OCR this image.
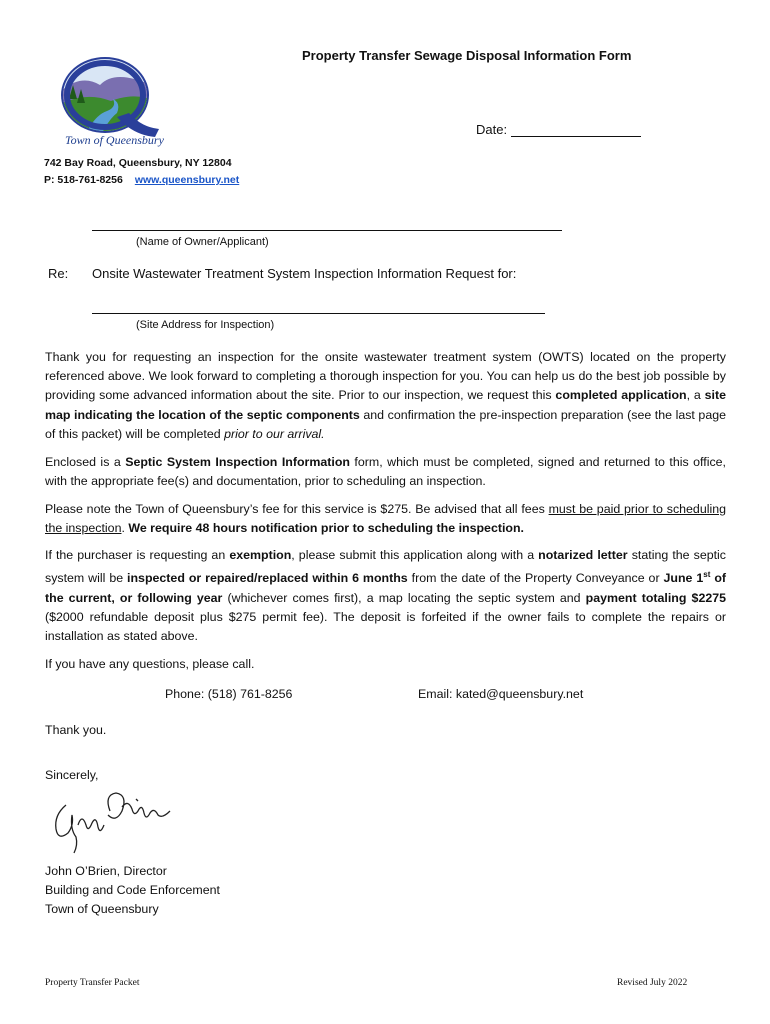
Property Transfer Sewage Disposal Information Form
Date:
Town of Queensbury
742 Bay Road, Queensbury, NY 12804
P: 518-761-8256 www.queensbury.net
(Name of Owner/Applicant)
Re: Onsite Wastewater Treatment System Inspection Information Request for:
(Site Address for Inspection)
Thank you for requesting an inspection for the onsite wastewater treatment system (OWTS) located on the property referenced above. We look forward to completing a thorough inspection for you. You can help us do the best job possible by providing some advanced information about the site. Prior to our inspection, we request this completed application, a site map indicating the location of the septic components and confirmation the pre-inspection preparation (see the last page of this packet) will be completed prior to our arrival.
Enclosed is a Septic System Inspection Information form, which must be completed, signed and returned to this office, with the appropriate fee(s) and documentation, prior to scheduling an inspection.
Please note the Town of Queensbury’s fee for this service is $275. Be advised that all fees must be paid prior to scheduling the inspection. We require 48 hours notification prior to scheduling the inspection.
If the purchaser is requesting an exemption, please submit this application along with a notarized letter stating the septic system will be inspected or repaired/replaced within 6 months from the date of the Property Conveyance or June 1st of the current, or following year (whichever comes first), a map locating the septic system and payment totaling $2275 ($2000 refundable deposit plus $275 permit fee). The deposit is forfeited if the owner fails to complete the repairs or installation as stated above.
If you have any questions, please call.
Phone: (518) 761-8256	Email: kated@queensbury.net
Thank you.
Sincerely,
John O’Brien, Director
Building and Code Enforcement
Town of Queensbury
Property Transfer Packet	Revised July 2022
